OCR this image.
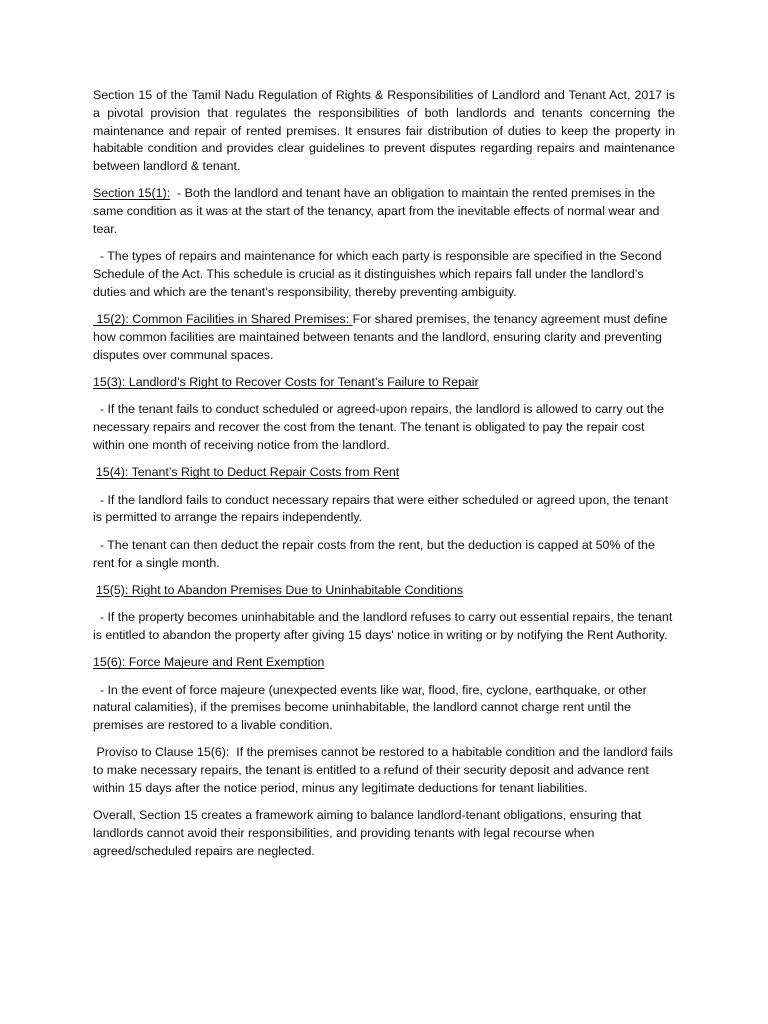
Section 15 of the Tamil Nadu Regulation of Rights & Responsibilities of Landlord and Tenant Act, 2017 is a pivotal provision that regulates the responsibilities of both landlords and tenants concerning the maintenance and repair of rented premises. It ensures fair distribution of duties to keep the property in habitable condition and provides clear guidelines to prevent disputes regarding repairs and maintenance between landlord & tenant.

Section 15(1):  - Both the landlord and tenant have an obligation to maintain the rented premises in the same condition as it was at the start of the tenancy, apart from the inevitable effects of normal wear and tear.

- The types of repairs and maintenance for which each party is responsible are specified in the Second Schedule of the Act. This schedule is crucial as it distinguishes which repairs fall under the landlord’s duties and which are the tenant’s responsibility, thereby preventing ambiguity.

15(2): Common Facilities in Shared Premises: For shared premises, the tenancy agreement must define how common facilities are maintained between tenants and the landlord, ensuring clarity and preventing disputes over communal spaces.

15(3): Landlord’s Right to Recover Costs for Tenant’s Failure to Repair

- If the tenant fails to conduct scheduled or agreed-upon repairs, the landlord is allowed to carry out the necessary repairs and recover the cost from the tenant. The tenant is obligated to pay the repair cost within one month of receiving notice from the landlord.

15(4): Tenant’s Right to Deduct Repair Costs from Rent

- If the landlord fails to conduct necessary repairs that were either scheduled or agreed upon, the tenant is permitted to arrange the repairs independently.

- The tenant can then deduct the repair costs from the rent, but the deduction is capped at 50% of the rent for a single month.

15(5): Right to Abandon Premises Due to Uninhabitable Conditions

- If the property becomes uninhabitable and the landlord refuses to carry out essential repairs, the tenant is entitled to abandon the property after giving 15 days' notice in writing or by notifying the Rent Authority.

15(6): Force Majeure and Rent Exemption

- In the event of force majeure (unexpected events like war, flood, fire, cyclone, earthquake, or other natural calamities), if the premises become uninhabitable, the landlord cannot charge rent until the premises are restored to a livable condition.

Proviso to Clause 15(6):  If the premises cannot be restored to a habitable condition and the landlord fails to make necessary repairs, the tenant is entitled to a refund of their security deposit and advance rent within 15 days after the notice period, minus any legitimate deductions for tenant liabilities.

Overall, Section 15 creates a framework aiming to balance landlord-tenant obligations, ensuring that landlords cannot avoid their responsibilities, and providing tenants with legal recourse when agreed/scheduled repairs are neglected.
